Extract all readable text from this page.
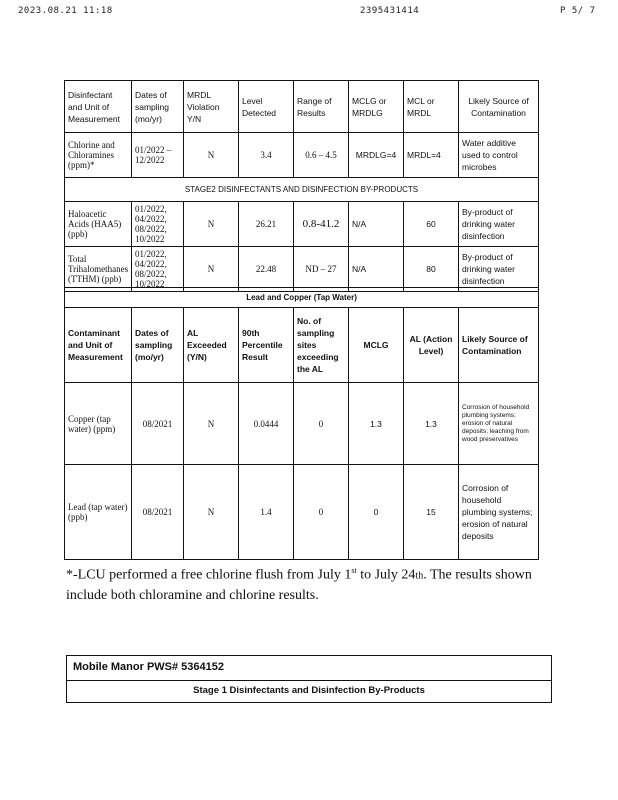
2023.08.21 11:18	2395431414	P 5/ 7
Disinfectant and Unit of Measurement	Dates of sampling (mo/yr)	MRDL Violation Y/N	Level Detected	Range of Results	MCLG or MRDLG	MCL or MRDL	Likely Source of Contamination
Chlorine and Chloramines (ppm)*	01/2022 – 12/2022	N	3.4	0.6 – 4.5	MRDLG=4	MRDL=4	Water additive used to control microbes
STAGE2 DISINFECTANTS AND DISINFECTION BY-PRODUCTS							
Haloacetic Acids (HAA5) (ppb)	01/2022, 04/2022, 08/2022, 10/2022	N	26.21	0.8-41.2	N/A	60	By-product of drinking water disinfection
Total Trihalomethanes (TTHM) (ppb)	01/2022, 04/2022, 08/2022, 10/2022	N	22.48	ND – 27	N/A	80	By-product of drinking water disinfection
Lead and Copper (Tap Water)							
Contaminant and Unit of Measurement	Dates of sampling (mo/yr)	AL Exceeded (Y/N)	90th Percentile Result	No. of sampling sites exceeding the AL	MCLG	AL (Action Level)	Likely Source of Contamination
Copper (tap water) (ppm)	08/2021	N	0.0444	0	1.3	1.3	Corrosion of household plumbing systems; erosion of natural deposits; leaching from wood preservatives
Lead (tap water) (ppb)	08/2021	N	1.4	0	0	15	Corrosion of household plumbing systems; erosion of natural deposits
*-LCU performed a free chlorine flush from July 1st to July 24th. The results shown include both chloramine and chlorine results.
Mobile Manor PWS# 5364152
Stage 1 Disinfectants and Disinfection By-Products
